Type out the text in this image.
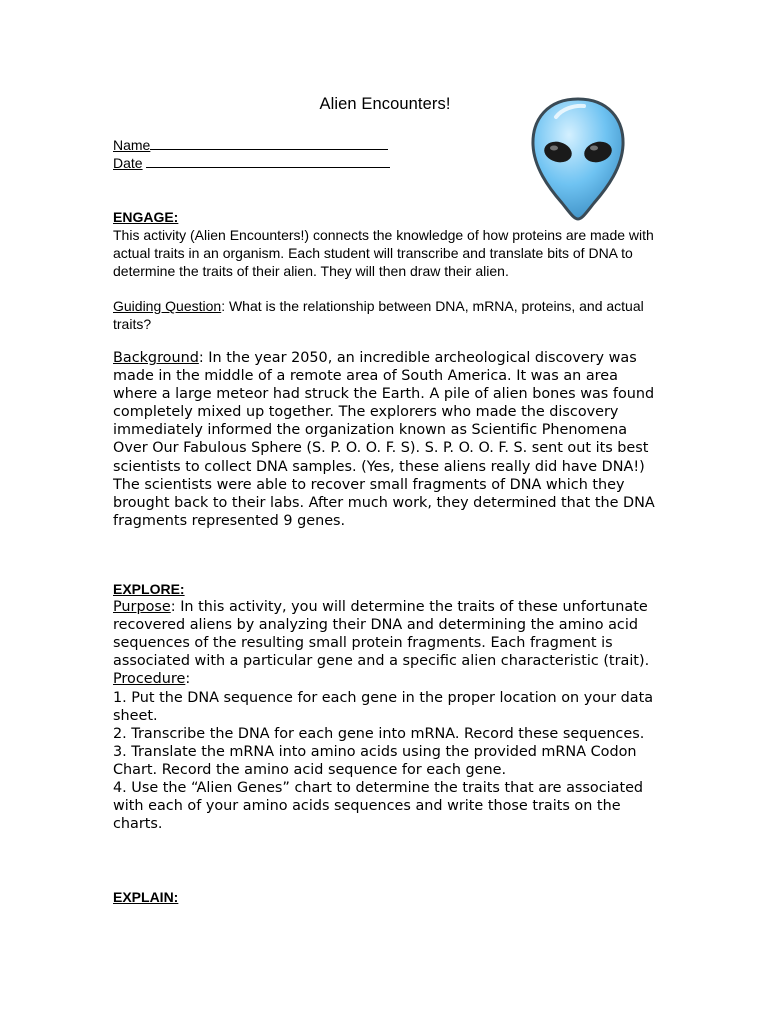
Alien Encounters!
Name
Date

ENGAGE:

This activity (Alien Encounters!) connects the knowledge of how proteins are made with actual traits in an organism. Each student will transcribe and translate bits of DNA to determine the traits of their alien. They will then draw their alien.

Guiding Question: What is the relationship between DNA, mRNA, proteins, and actual traits?

Background: In the year 2050, an incredible archeological discovery was made in the middle of a remote area of South America. It was an area where a large meteor had struck the Earth. A pile of alien bones was found completely mixed up together. The explorers who made the discovery immediately informed the organization known as Scientific Phenomena Over Our Fabulous Sphere (S. P. O. O. F. S). S. P. O. O. F. S. sent out its best scientists to collect DNA samples. (Yes, these aliens really did have DNA!) The scientists were able to recover small fragments of DNA which they brought back to their labs. After much work, they determined that the DNA fragments represented 9 genes.

EXPLORE:

Purpose: In this activity, you will determine the traits of these unfortunate recovered aliens by analyzing their DNA and determining the amino acid sequences of the resulting small protein fragments. Each fragment is associated with a particular gene and a specific alien characteristic (trait).

Procedure:

1. Put the DNA sequence for each gene in the proper location on your data sheet.

2. Transcribe the DNA for each gene into mRNA. Record these sequences.

3. Translate the mRNA into amino acids using the provided mRNA Codon Chart. Record the amino acid sequence for each gene.

4. Use the “Alien Genes” chart to determine the traits that are associated with each of your amino acids sequences and write those traits on the charts.

EXPLAIN:
